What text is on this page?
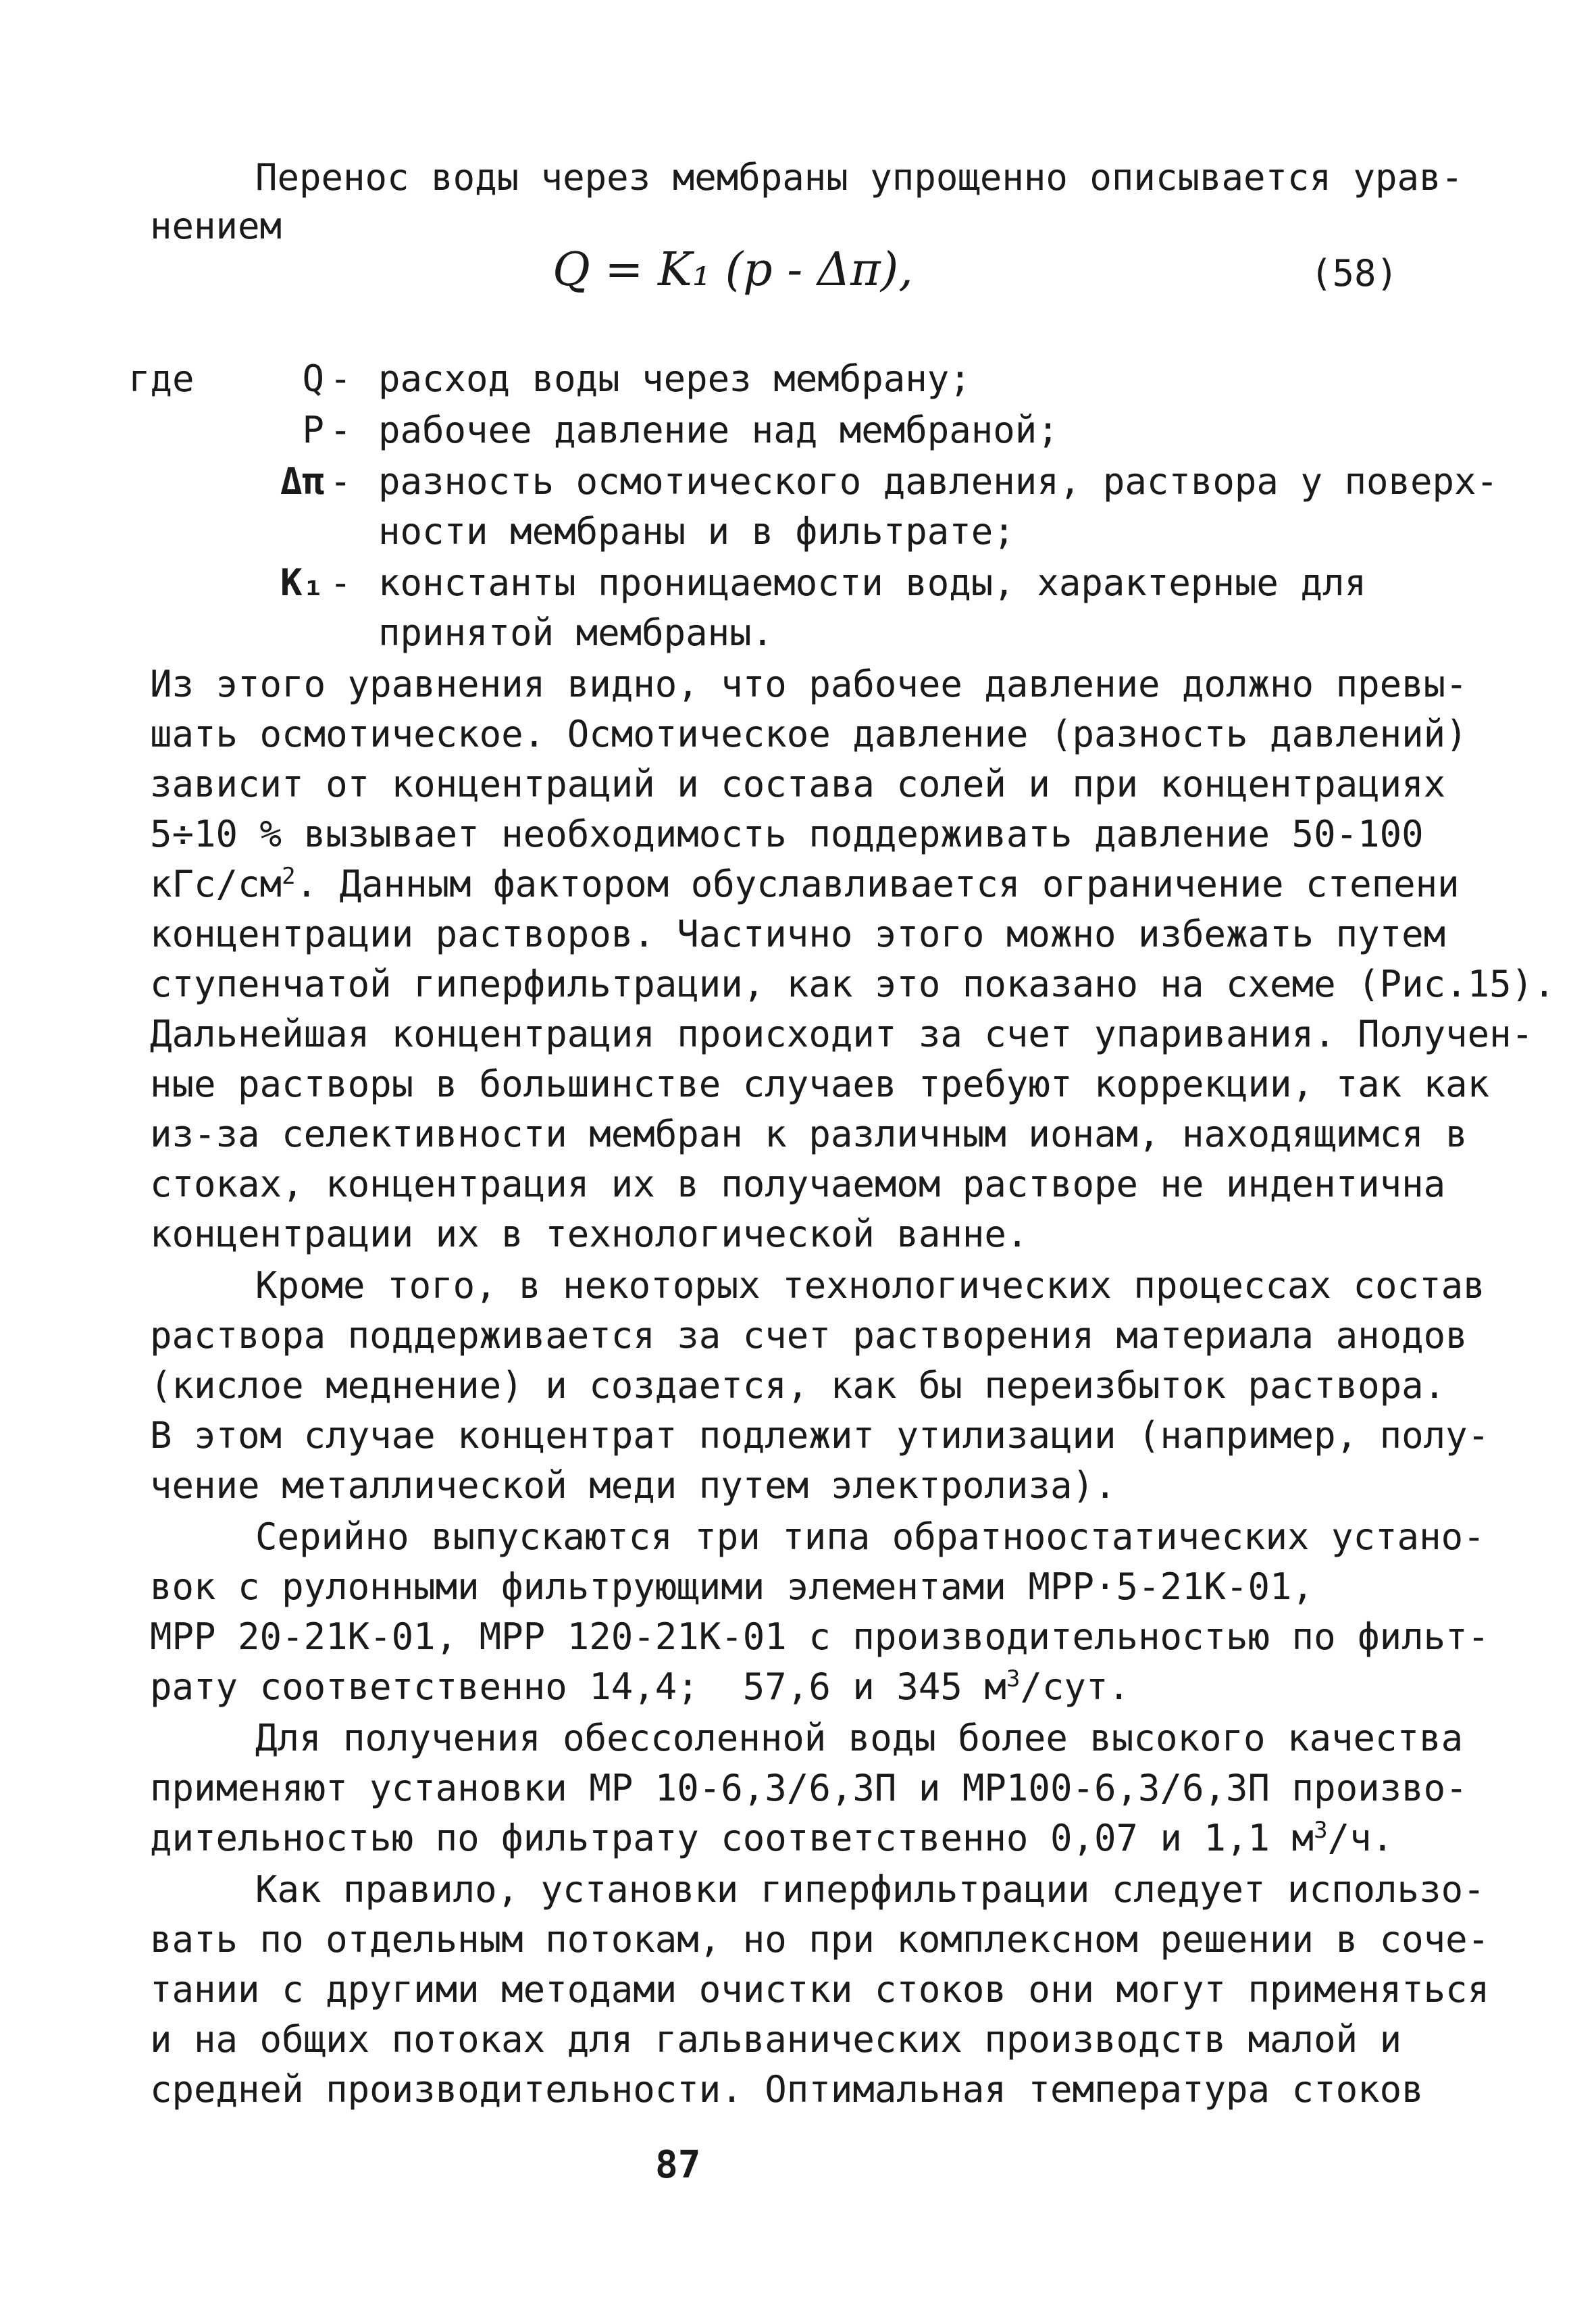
Перенос воды через мембраны упрощенно описывается урав-
нением
Q = K₁ (p - Δπ),	(58)
где	Q - расход воды через мембрану;
P - рабочее давление над мембраной;
Δπ - разность осмотического давления, раствора у поверх-
ности мембраны и в фильтрате;
K₁ - константы проницаемости воды, характерные для
принятой мембраны.
Из этого уравнения видно, что рабочее давление должно превы-
шать осмотическое. Осмотическое давление (разность давлений)
зависит от концентраций и состава солей и при концентрациях
5÷10 % вызывает необходимость поддерживать давление 50-100
кГс/$см^2$. Данным фактором обуславливается ограничение степени
концентрации растворов. Частично этого можно избежать путем
ступенчатой гиперфильтрации, как это показано на схеме (Рис.15).
Дальнейшая концентрация происходит за счет упаривания. Получен-
ные растворы в большинстве случаев требуют коррекции, так как
из-за селективности мембран к различным ионам, находящимся в
стоках, концентрация их в получаемом растворе не индентична
концентрации их в технологической ванне.
Кроме того, в некоторых технологических процессах состав
раствора поддерживается за счет растворения материала анодов
(кислое меднение) и создается, как бы переизбыток раствора.
В этом случае концентрат подлежит утилизации (например, полу-
чение металлической меди путем электролиза).
Серийно выпускаются три типа обратноостатических устано-
вок с рулонными фильтрующими элементами МРР·5-21К-01,
МРР 20-21К-01, МРР 120-21К-01 с производительностью по фильт-
рату соответственно 14,4;  57,6 и 345 $м^3$/сут.
Для получения обессоленной воды более высокого качества
применяют установки МР 10-6,3/6,3П и МР100-6,3/6,3П произво-
дительностью по фильтрату соответственно 0,07 и 1,1 $м^3/ч$.
Как правило, установки гиперфильтрации следует использо-
вать по отдельным потокам, но при комплексном решении в соче-
тании с другими методами очистки стоков они могут применяться
и на общих потоках для гальванических производств малой и
средней производительности. Оптимальная температура стоков
87
